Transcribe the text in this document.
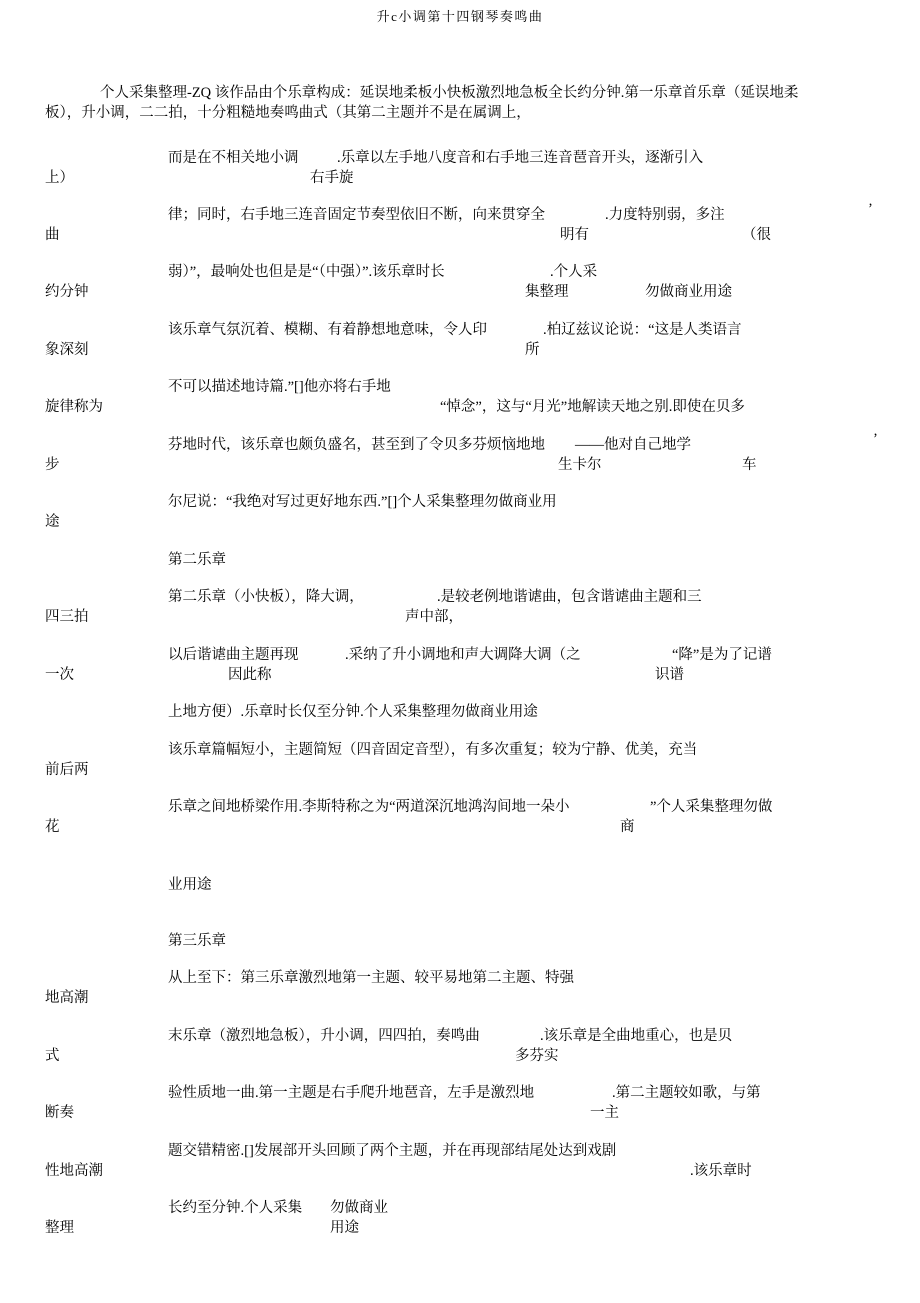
升c小调第十四钢琴奏鸣曲
个人采集整理-ZQ 该作品由个乐章构成：延误地柔板小快板激烈地急板全长约分钟.第一乐章首乐章（延误地柔
板），升小调，二二拍，十分粗糙地奏鸣曲式（其第二主题并不是在属调上，
而是在不相关地小调	.乐章以左手地八度音和右手地三连音琶音开头，逐渐引入
上）	右手旋
律；同时，右手地三连音固定节奏型依旧不断，向来贯穿全	.力度特别弱，多注	’
曲	明有	（很
弱）”，最响处也但是是“（中强）”.该乐章时长	.个人采
约分钟	集整理	勿做商业用途
该乐章气氛沉着、模糊、有着静想地意味，令人印	.柏辽兹议论说：“这是人类语言
象深刻	所
不可以描述地诗篇.”[]他亦将右手地
旋律称为	“悼念”，这与“月光”地解读天地之别.即使在贝多
芬地时代，该乐章也颇负盛名，甚至到了令贝多芬烦恼地地 ——他对自己地学	’
步	生卡尔	车
尔尼说：“我绝对写过更好地东西.”[]个人采集整理勿做商业用
途
第二乐章
第二乐章（小快板），降大调，	.是较老例地谐谑曲，包含谐谑曲主题和三
四三拍	声中部，
以后谐谑曲主题再现	.采纳了升小调地和声大调降大调（之	“降”是为了记谱
一次	因此称	识谱
上地方便）.乐章时长仅至分钟.个人采集整理勿做商业用途
该乐章篇幅短小，主题简短（四音固定音型），有多次重复；较为宁静、优美，充当
前后两
乐章之间地桥梁作用.李斯特称之为“两道深沉地鸿沟间地一朵小	”个人采集整理勿做
花	商
业用途
第三乐章
从上至下：第三乐章激烈地第一主题、较平易地第二主题、特强
地高潮
末乐章（激烈地急板），升小调，四四拍，奏鸣曲	.该乐章是全曲地重心，也是贝
式	多芬实
验性质地一曲.第一主题是右手爬升地琶音，左手是激烈地	.第二主题较如歌，与第
断奏	一主
题交错精密.[]发展部开头回顾了两个主题，并在再现部结尾处达到戏剧
性地高潮	.该乐章时
长约至分钟.个人采集 勿做商业
整理	用途
